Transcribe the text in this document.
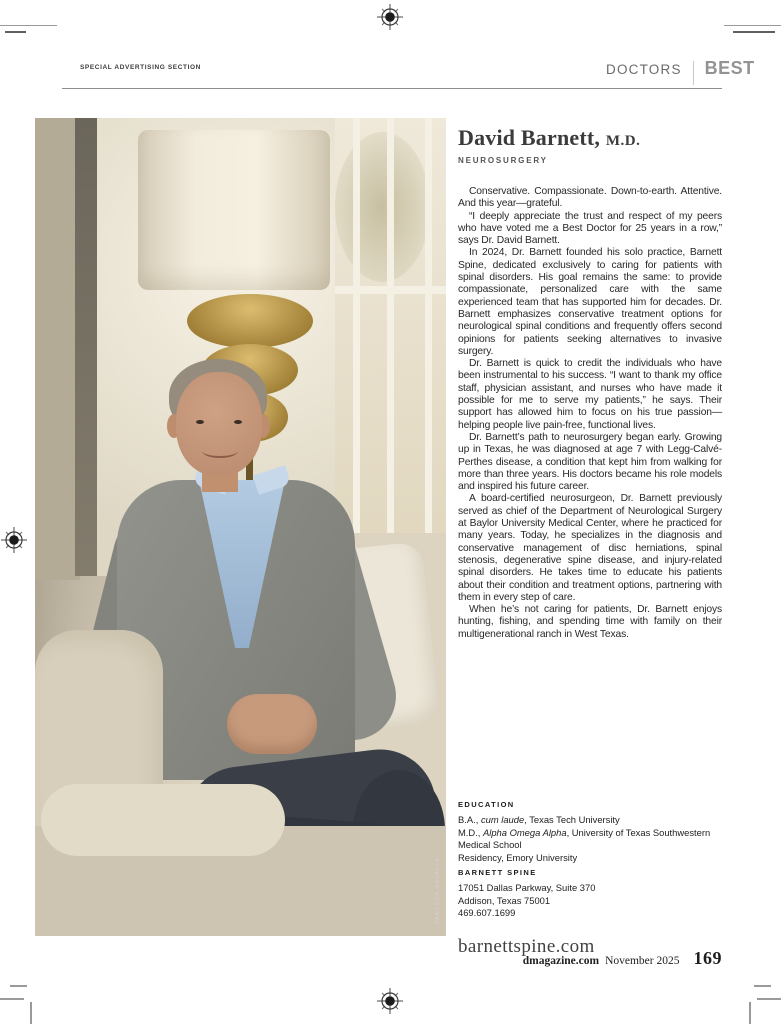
SPECIAL ADVERTISING SECTION	DOCTORS BEST
VANESSA GAVALYA
David Barnett, M.D.
NEUROSURGERY

Conservative. Compassionate. Down-to-earth. Attentive. And this year—grateful.

“I deeply appreciate the trust and respect of my peers who have voted me a Best Doctor for 25 years in a row,” says Dr. David Barnett.

In 2024, Dr. Barnett founded his solo practice, Barnett Spine, dedicated exclusively to caring for patients with spinal disorders. His goal remains the same: to provide compassionate, personalized care with the same experienced team that has supported him for decades. Dr. Barnett emphasizes conservative treatment options for neurological spinal conditions and frequently offers second opinions for patients seeking alternatives to invasive surgery.

Dr. Barnett is quick to credit the individuals who have been instrumental to his success. “I want to thank my office staff, physician assistant, and nurses who have made it possible for me to serve my patients,” he says. Their support has allowed him to focus on his true passion—helping people live pain-free, functional lives.

Dr. Barnett’s path to neurosurgery began early. Growing up in Texas, he was diagnosed at age 7 with Legg-Calvé-Perthes disease, a condition that kept him from walking for more than three years. His doctors became his role models and inspired his future career.

A board-certified neurosurgeon, Dr. Barnett previously served as chief of the Department of Neurological Surgery at Baylor University Medical Center, where he practiced for many years. Today, he specializes in the diagnosis and conservative management of disc herniations, spinal stenosis, degenerative spine disease, and injury-related spinal disorders. He takes time to educate his patients about their condition and treatment options, partnering with them in every step of care.

When he’s not caring for patients, Dr. Barnett enjoys hunting, fishing, and spending time with family on their multigenerational ranch in West Texas.

EDUCATION
B.A., cum laude, Texas Tech University
M.D., Alpha Omega Alpha, University of Texas Southwestern Medical School
Residency, Emory University
BARNETT SPINE
17051 Dallas Parkway, Suite 370
Addison, Texas 75001
469.607.1699
barnettspine.com
dmagazine.com November 2025 169
